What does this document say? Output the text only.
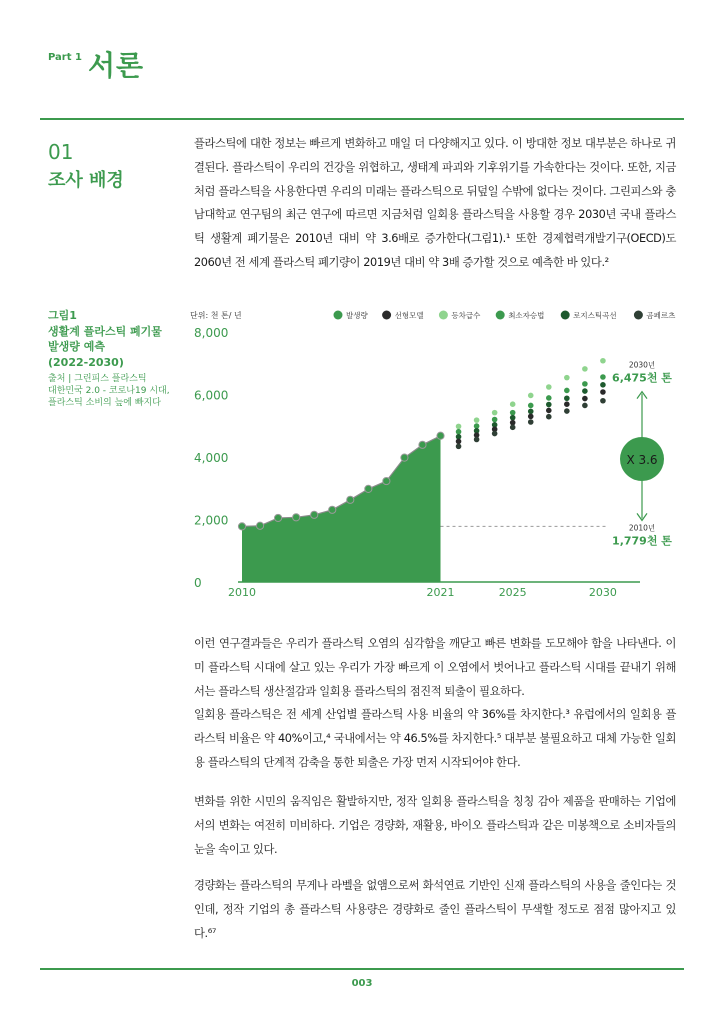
Part 1 서론
01
조사 배경
플라스틱에 대한 정보는 빠르게 변화하고 매일 더 다양해지고 있다. 이 방대한 정보 대부분은 하나로 귀결된다. 플라스틱이 우리의 건강을 위협하고, 생태계 파괴와 기후위기를 가속한다는 것이다. 또한, 지금처럼 플라스틱을 사용한다면 우리의 미래는 플라스틱으로 뒤덮일 수밖에 없다는 것이다. 그린피스와 충남대학교 연구팀의 최근 연구에 따르면 지금처럼 일회용 플라스틱을 사용할 경우 2030년 국내 플라스틱 생활계 폐기물은 2010년 대비 약 3.6배로 증가한다(그림1).¹ 또한 경제협력개발기구(OECD)도 2060년 전 세계 플라스틱 폐기량이 2019년 대비 약 3배 증가할 것으로 예측한 바 있다.²
그림1
생활계 플라스틱 폐기물
발생량 예측
(2022-2030)
출처 | 그린피스 플라스틱
대한민국 2.0 - 코로나19 시대,
플라스틱 소비의 늪에 빠지다
단위: 천 톤/ 년	발생량	선형모델	등차급수	최소자승법	로지스틱곡선	곰페르츠
0
2,000
4,000
6,000
8,000
2010	2021	2025	2030
2030년
6,475천 톤
2010년
1,779천 톤
X 3.6

이런 연구결과들은 우리가 플라스틱 오염의 심각함을 깨닫고 빠른 변화를 도모해야 함을 나타낸다. 이미 플라스틱 시대에 살고 있는 우리가 가장 빠르게 이 오염에서 벗어나고 플라스틱 시대를 끝내기 위해서는 플라스틱 생산절감과 일회용 플라스틱의 점진적 퇴출이 필요하다.

일회용 플라스틱은 전 세계 산업별 플라스틱 사용 비율의 약 36%를 차지한다.³ 유럽에서의 일회용 플라스틱 비율은 약 40%이고,⁴ 국내에서는 약 46.5%를 차지한다.⁵ 대부분 불필요하고 대체 가능한 일회용 플라스틱의 단계적 감축을 통한 퇴출은 가장 먼저 시작되어야 한다.

변화를 위한 시민의 움직임은 활발하지만, 정작 일회용 플라스틱을 칭칭 감아 제품을 판매하는 기업에서의 변화는 여전히 미비하다. 기업은 경량화, 재활용, 바이오 플라스틱과 같은 미봉책으로 소비자들의 눈을 속이고 있다.

경량화는 플라스틱의 무게나 라벨을 없앰으로써 화석연료 기반인 신재 플라스틱의 사용을 줄인다는 것인데, 정작 기업의 총 플라스틱 사용량은 경량화로 줄인 플라스틱이 무색할 정도로 점점 많아지고 있다.⁶⁷

003
